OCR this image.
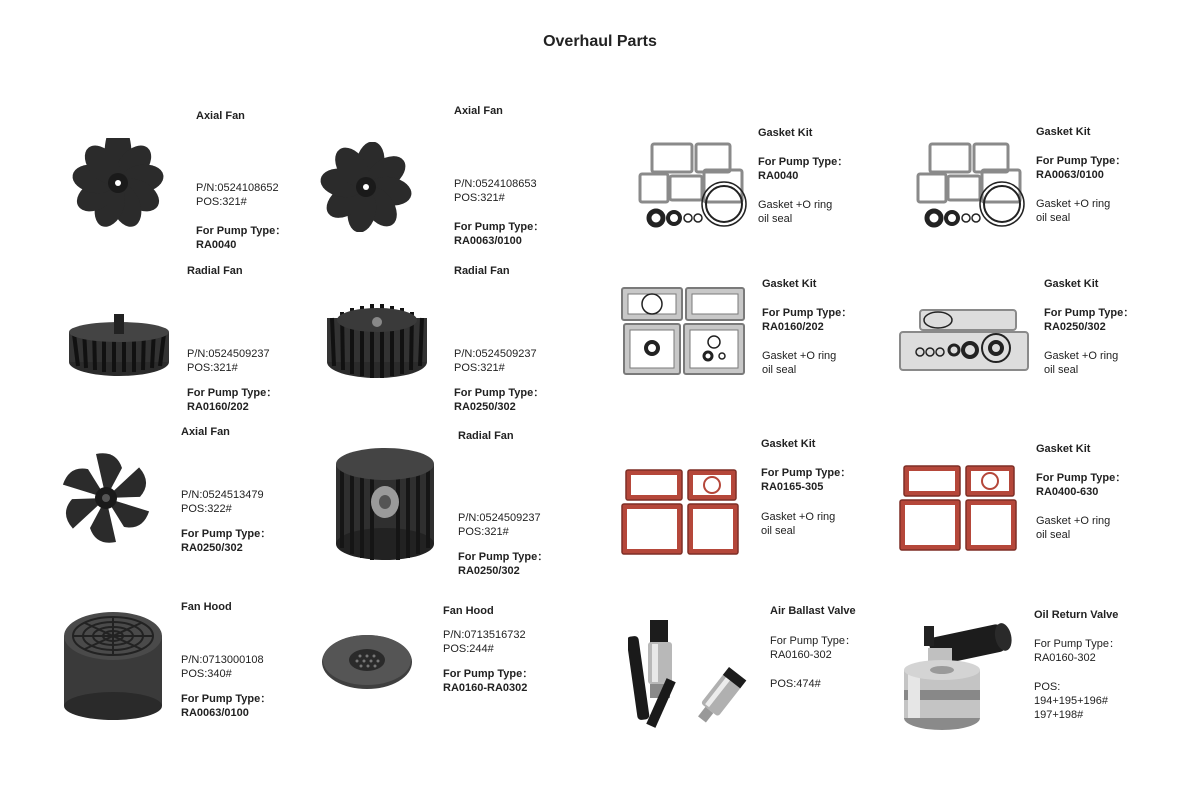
Overhaul Parts
Axial Fan
P/N:0524108652
POS:321#
For Pump Type：
RA0040
Axial Fan
P/N:0524108653
POS:321#
For Pump Type：
RA0063/0100
Gasket Kit
For Pump Type：
RA0040
Gasket +O ring
oil seal
Gasket Kit
For Pump Type：
RA0063/0100
Gasket +O ring
oil seal
Radial Fan
P/N:0524509237
POS:321#
For Pump Type：
RA0160/202
Radial Fan
P/N:0524509237
POS:321#
For Pump Type：
RA0250/302
Gasket Kit
For Pump Type：
RA0160/202
Gasket +O ring
oil seal
Gasket Kit
For Pump Type：
RA0250/302
Gasket +O ring
oil seal
Axial Fan
P/N:0524513479
POS:322#
For Pump Type：
RA0250/302
Radial Fan
P/N:0524509237
POS:321#
For Pump Type：
RA0250/302
Gasket Kit
For Pump Type：
RA0165-305
Gasket +O ring
oil seal
Gasket Kit
For Pump Type：
RA0400-630
Gasket +O ring
oil seal
Fan Hood
P/N:0713000108
POS:340#
For Pump Type：
RA0063/0100
Fan Hood
P/N:0713516732
POS:244#
For Pump Type：
RA0160-RA0302
Air Ballast Valve
For Pump Type：
RA0160-302
POS:474#
Oil Return Valve
For Pump Type：
RA0160-302
POS:
194+195+196#
197+198#
